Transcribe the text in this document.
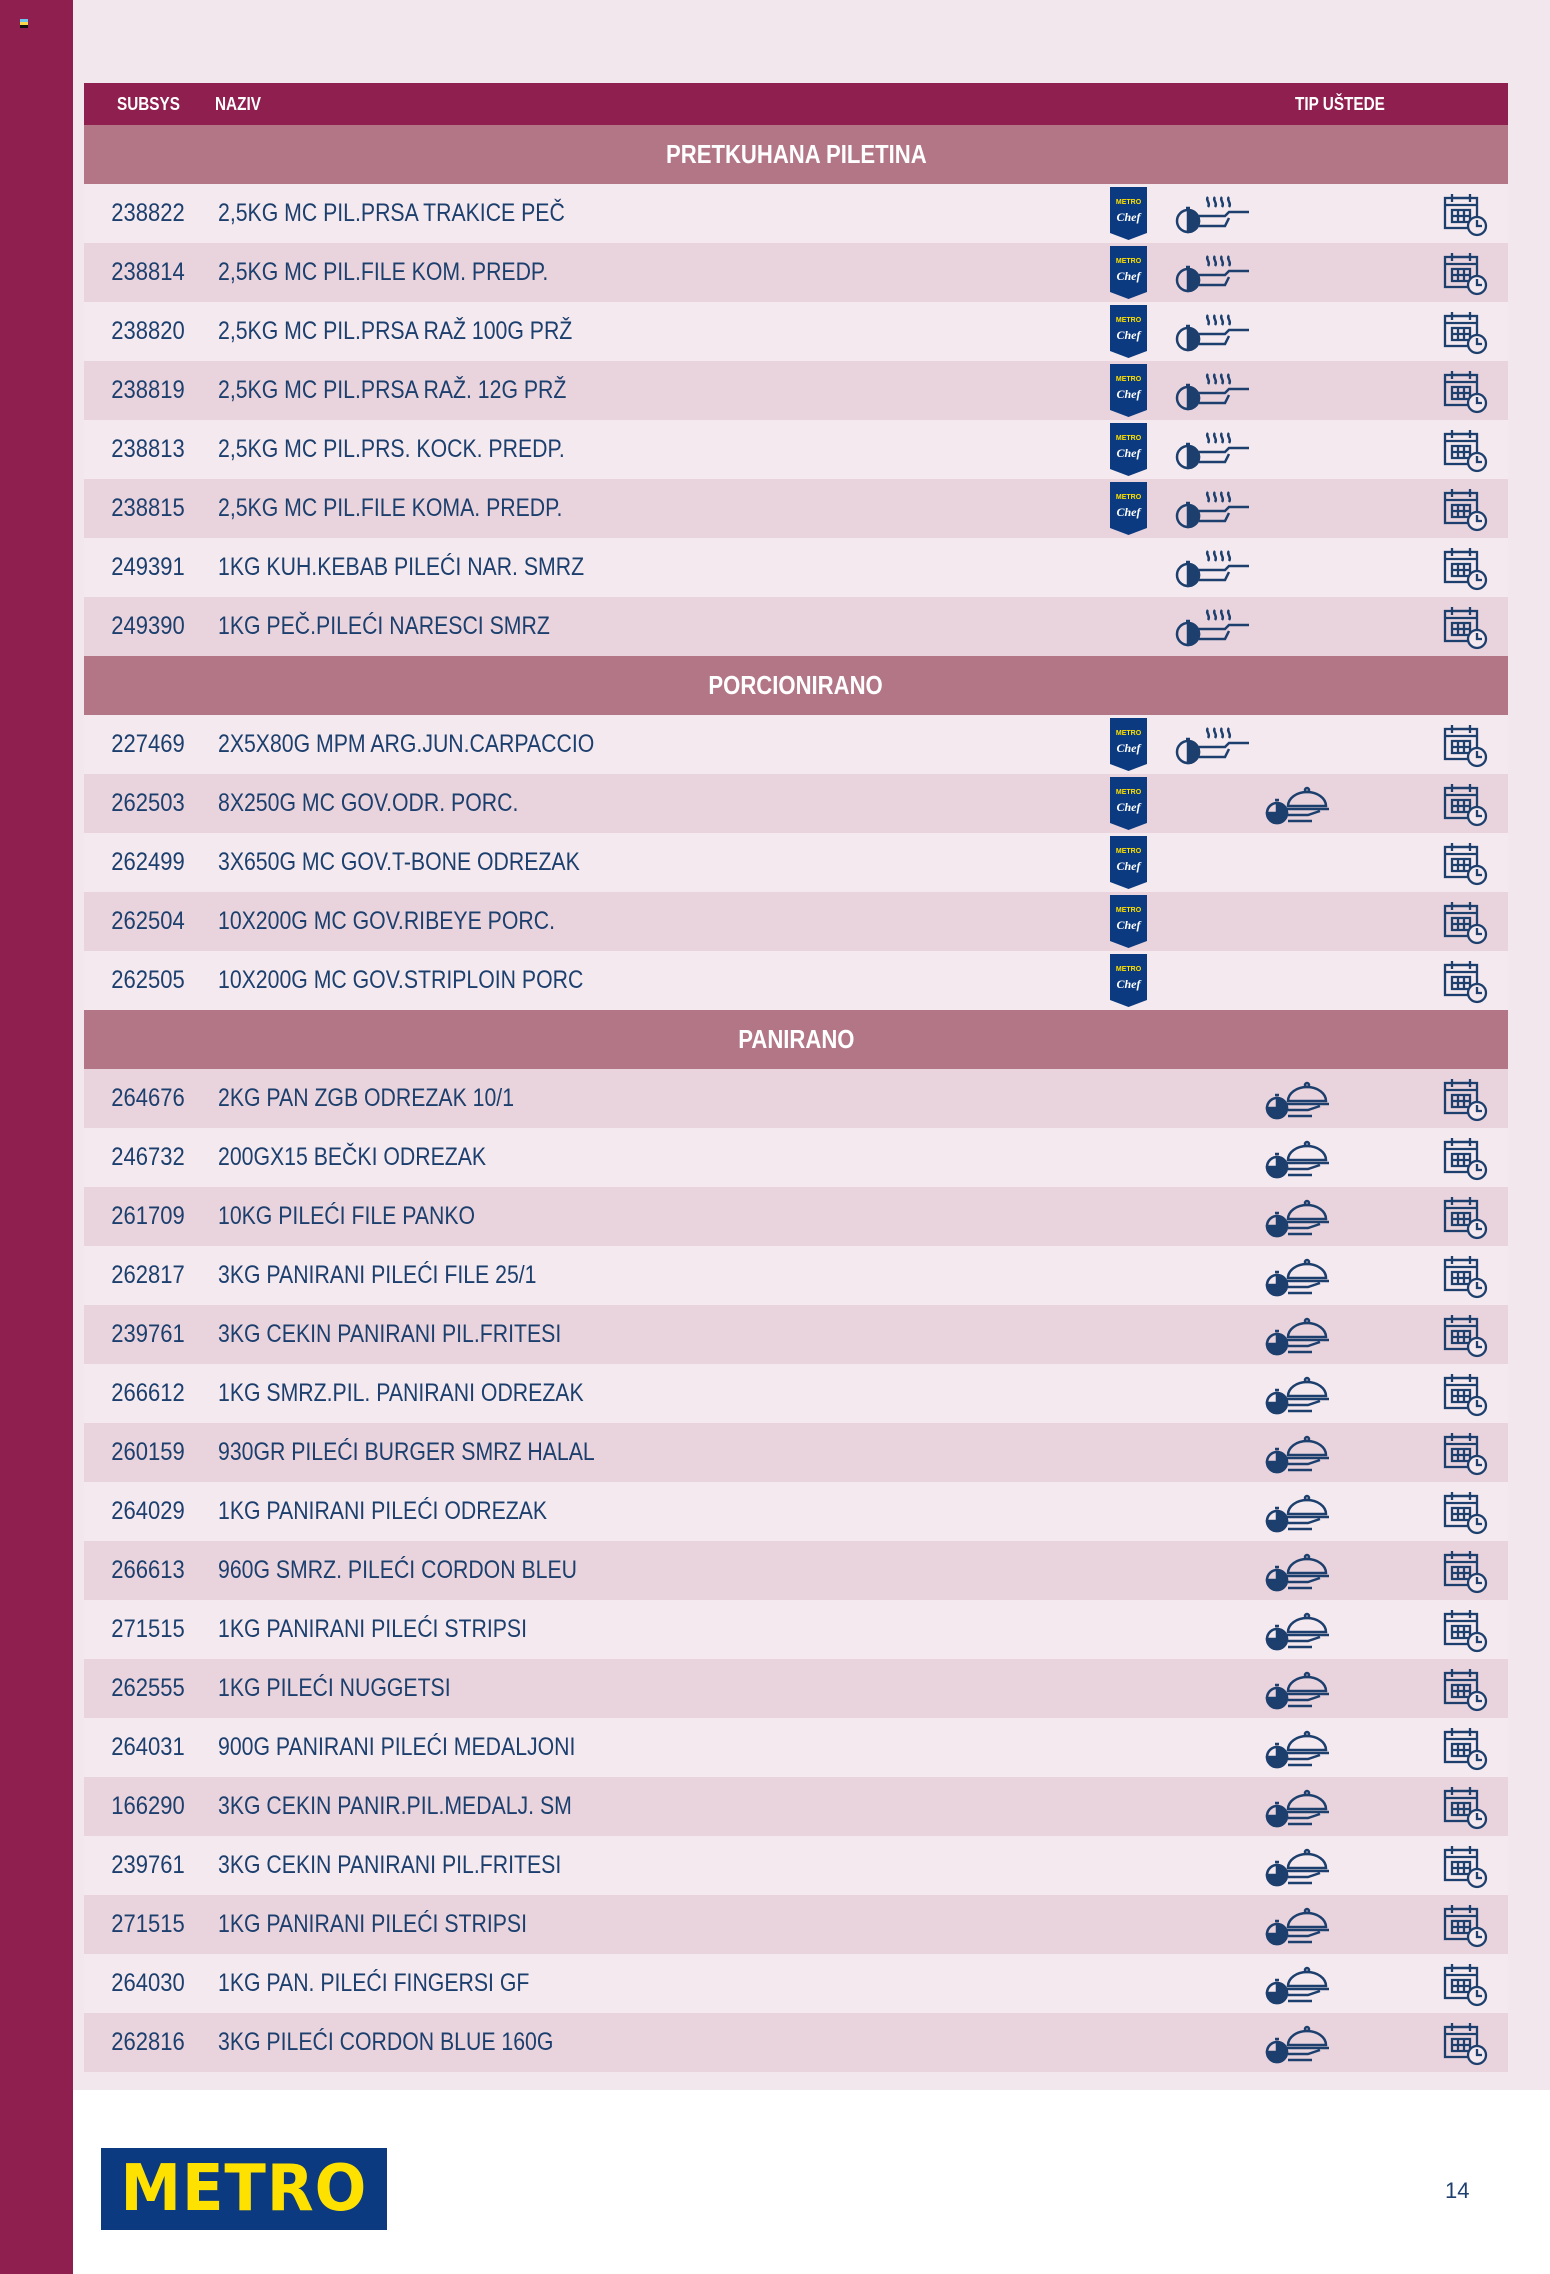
SUBSYS NAZIV	TIP UŠTEDE
PRETKUHANA PILETINA
238822	2,5KG MC PIL.PRSA TRAKICE PEČ	METRO
Chef
238814	2,5KG MC PIL.FILE KOM. PREDP.	METRO
Chef
238820	2,5KG MC PIL.PRSA RAŽ 100G PRŽ	METRO
Chef
238819	2,5KG MC PIL.PRSA RAŽ. 12G PRŽ	METRO
Chef
238813	2,5KG MC PIL.PRS. KOCK. PREDP.	METRO
Chef
238815	2,5KG MC PIL.FILE KOMA. PREDP.	METRO
Chef
249391	1KG KUH.KEBAB PILEĆI NAR. SMRZ
249390	1KG PEČ.PILEĆI NARESCI SMRZ
PORCIONIRANO
227469	2X5X80G MPM ARG.JUN.CARPACCIO	METRO
Chef
262503	8X250G MC GOV.ODR. PORC.	METRO
Chef
262499	3X650G MC GOV.T-BONE ODREZAK	METRO
Chef
262504	10X200G MC GOV.RIBEYE PORC.	METRO
Chef
262505	10X200G MC GOV.STRIPLOIN PORC	METRO
Chef
PANIRANO
264676	2KG PAN ZGB ODREZAK 10/1
246732	200GX15 BEČKI ODREZAK
261709	10KG PILEĆI FILE PANKO
262817	3KG PANIRANI PILEĆI FILE 25/1
239761	3KG CEKIN PANIRANI PIL.FRITESI
266612	1KG SMRZ.PIL. PANIRANI ODREZAK
260159	930GR PILEĆI BURGER SMRZ HALAL
264029	1KG PANIRANI PILEĆI ODREZAK
266613	960G SMRZ. PILEĆI CORDON BLEU
271515	1KG PANIRANI PILEĆI STRIPSI
262555	1KG PILEĆI NUGGETSI
264031	900G PANIRANI PILEĆI MEDALJONI
166290	3KG CEKIN PANIR.PIL.MEDALJ. SM
239761	3KG CEKIN PANIRANI PIL.FRITESI
271515	1KG PANIRANI PILEĆI STRIPSI
264030	1KG PAN. PILEĆI FINGERSI GF
262816	3KG PILEĆI CORDON BLUE 160G
METRO	14
